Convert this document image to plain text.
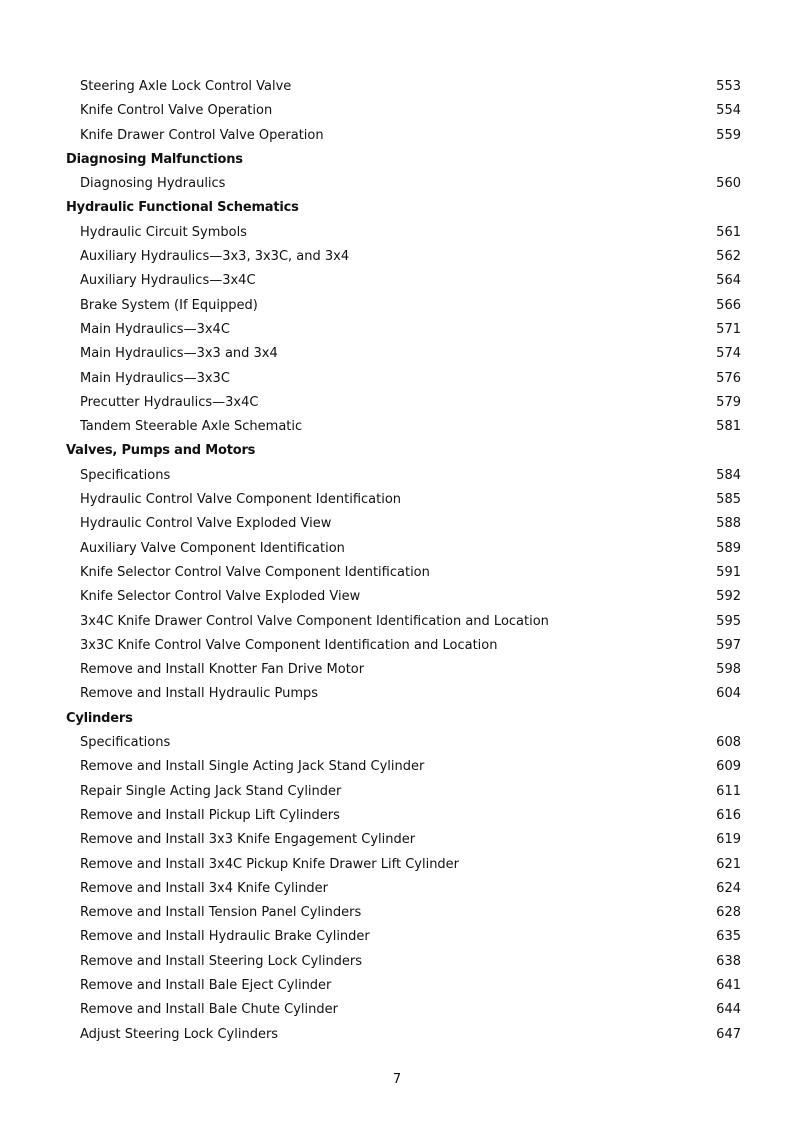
Steering Axle Lock Control Valve	553
Knife Control Valve Operation	554
Knife Drawer Control Valve Operation	559
Diagnosing Malfunctions
Diagnosing Hydraulics	560
Hydraulic Functional Schematics
Hydraulic Circuit Symbols	561
Auxiliary Hydraulics—3x3, 3x3C, and 3x4	562
Auxiliary Hydraulics—3x4C	564
Brake System (If Equipped)	566
Main Hydraulics—3x4C	571
Main Hydraulics—3x3 and 3x4	574
Main Hydraulics—3x3C	576
Precutter Hydraulics—3x4C	579
Tandem Steerable Axle Schematic	581
Valves, Pumps and Motors
Specifications	584
Hydraulic Control Valve Component Identification	585
Hydraulic Control Valve Exploded View	588
Auxiliary Valve Component Identification	589
Knife Selector Control Valve Component Identification	591
Knife Selector Control Valve Exploded View	592
3x4C Knife Drawer Control Valve Component Identification and Location	595
3x3C Knife Control Valve Component Identification and Location	597
Remove and Install Knotter Fan Drive Motor	598
Remove and Install Hydraulic Pumps	604
Cylinders
Specifications	608
Remove and Install Single Acting Jack Stand Cylinder	609
Repair Single Acting Jack Stand Cylinder	611
Remove and Install Pickup Lift Cylinders	616
Remove and Install 3x3 Knife Engagement Cylinder	619
Remove and Install 3x4C Pickup Knife Drawer Lift Cylinder	621
Remove and Install 3x4 Knife Cylinder	624
Remove and Install Tension Panel Cylinders	628
Remove and Install Hydraulic Brake Cylinder	635
Remove and Install Steering Lock Cylinders	638
Remove and Install Bale Eject Cylinder	641
Remove and Install Bale Chute Cylinder	644
Adjust Steering Lock Cylinders	647
7
